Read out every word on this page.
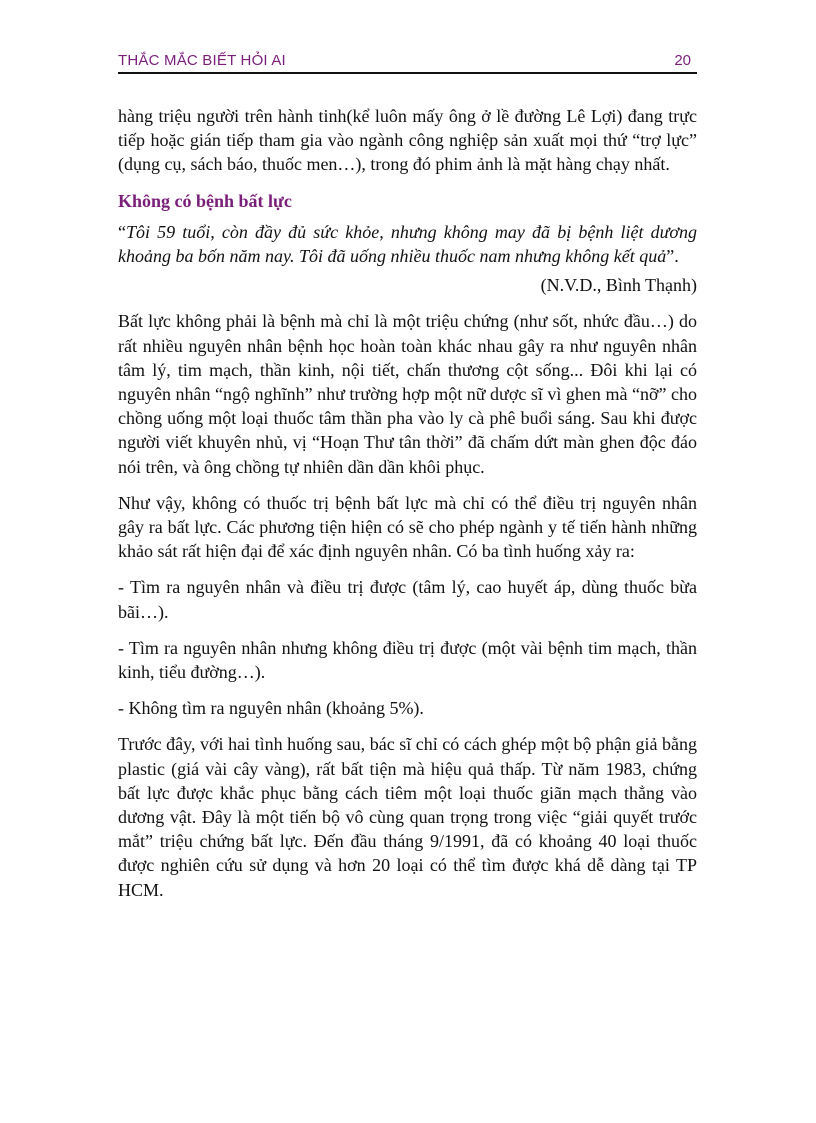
THẮC MẮC BIẾT HỎI AI	20

hàng triệu người trên hành tinh(kể luôn mấy ông ở lề đường Lê Lợi) đang trực tiếp hoặc gián tiếp tham gia vào ngành công nghiệp sản xuất mọi thứ “trợ lực” (dụng cụ, sách báo, thuốc men…), trong đó phim ảnh là mặt hàng chạy nhất.

Không có bệnh bất lực

“Tôi 59 tuổi, còn đầy đủ sức khỏe, nhưng không may đã bị bệnh liệt dương khoảng ba bốn năm nay. Tôi đã uống nhiều thuốc nam nhưng không kết quả”.

(N.V.D., Bình Thạnh)

Bất lực không phải là bệnh mà chỉ là một triệu chứng (như sốt, nhức đầu…) do rất nhiều nguyên nhân bệnh học hoàn toàn khác nhau gây ra như nguyên nhân tâm lý, tim mạch, thần kinh, nội tiết, chấn thương cột sống... Đôi khi lại có nguyên nhân “ngộ nghĩnh” như trường hợp một nữ dược sĩ vì ghen mà “nỡ” cho chồng uống một loại thuốc tâm thần pha vào ly cà phê buổi sáng. Sau khi được người viết khuyên nhủ, vị “Hoạn Thư tân thời” đã chấm dứt màn ghen độc đáo nói trên, và ông chồng tự nhiên dần dần khôi phục.

Như vậy, không có thuốc trị bệnh bất lực mà chỉ có thể điều trị nguyên nhân gây ra bất lực. Các phương tiện hiện có sẽ cho phép ngành y tế tiến hành những khảo sát rất hiện đại để xác định nguyên nhân. Có ba tình huống xảy ra:

- Tìm ra nguyên nhân và điều trị được (tâm lý, cao huyết áp, dùng thuốc bừa bãi…).

- Tìm ra nguyên nhân nhưng không điều trị được (một vài bệnh tim mạch, thần kinh, tiểu đường…).

- Không tìm ra nguyên nhân (khoảng 5%).

Trước đây, với hai tình huống sau, bác sĩ chỉ có cách ghép một bộ phận giả bằng plastic (giá vài cây vàng), rất bất tiện mà hiệu quả thấp. Từ năm 1983, chứng bất lực được khắc phục bằng cách tiêm một loại thuốc giãn mạch thẳng vào dương vật. Đây là một tiến bộ vô cùng quan trọng trong việc “giải quyết trước mắt” triệu chứng bất lực. Đến đầu tháng 9/1991, đã có khoảng 40 loại thuốc được nghiên cứu sử dụng và hơn 20 loại có thể tìm được khá dễ dàng tại TP HCM.
